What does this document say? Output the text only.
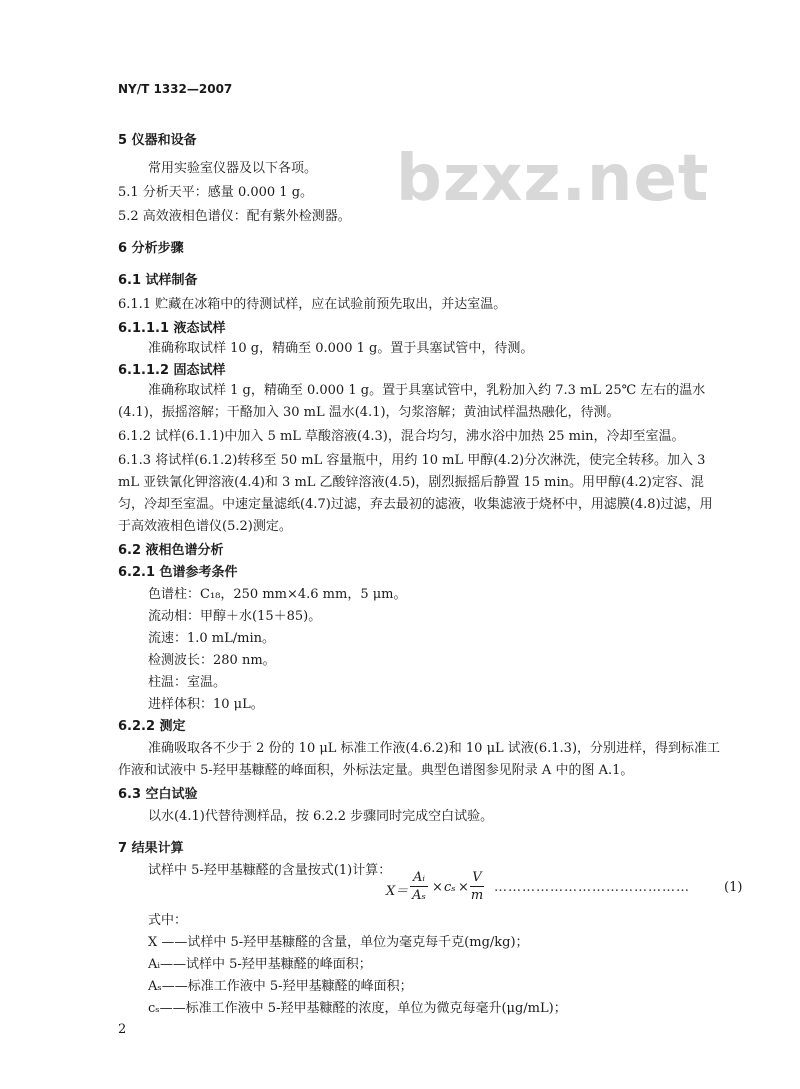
NY/T 1332—2007
bzxz.net
5 仪器和设备
常用实验室仪器及以下各项。
5.1 分析天平：感量 0.000 1 g。
5.2 高效液相色谱仪：配有紫外检测器。
6 分析步骤
6.1 试样制备
6.1.1 贮藏在冰箱中的待测试样，应在试验前预先取出，并达室温。
6.1.1.1 液态试样
准确称取试样 10 g，精确至 0.000 1 g。置于具塞试管中，待测。
6.1.1.2 固态试样
准确称取试样 1 g，精确至 0.000 1 g。置于具塞试管中，乳粉加入约 7.3 mL 25℃ 左右的温水
(4.1)，振摇溶解；干酪加入 30 mL 温水(4.1)，匀浆溶解；黄油试样温热融化，待测。
6.1.2 试样(6.1.1)中加入 5 mL 草酸溶液(4.3)，混合均匀，沸水浴中加热 25 min，冷却至室温。
6.1.3 将试样(6.1.2)转移至 50 mL 容量瓶中，用约 10 mL 甲醇(4.2)分次淋洗，使完全转移。加入 3
mL 亚铁氰化钾溶液(4.4)和 3 mL 乙酸锌溶液(4.5)，剧烈振摇后静置 15 min。用甲醇(4.2)定容、混
匀，冷却至室温。中速定量滤纸(4.7)过滤，弃去最初的滤液，收集滤液于烧杯中，用滤膜(4.8)过滤，用
于高效液相色谱仪(5.2)测定。
6.2 液相色谱分析
6.2.1 色谱参考条件
色谱柱：C₁₈，250 mm×4.6 mm，5 μm。
流动相：甲醇＋水(15＋85)。
流速：1.0 mL/min。
检测波长：280 nm。
柱温：室温。
进样体积：10 μL。
6.2.2 测定
准确吸取各不少于 2 份的 10 μL 标准工作液(4.6.2)和 10 μL 试液(6.1.3)，分别进样，得到标准工
作液和试液中 5-羟甲基糠醛的峰面积，外标法定量。典型色谱图参见附录 A 中的图 A.1。
6.3 空白试验
以水(4.1)代替待测样品，按 6.2.2 步骤同时完成空白试验。
7 结果计算
试样中 5-羟甲基糠醛的含量按式(1)计算：
X＝
Aᵢ
Aₛ
× cₛ ×
V
m
……………………………………	(1)
式中：
X ——试样中 5-羟甲基糠醛的含量，单位为毫克每千克(mg/kg)；
Aᵢ——试样中 5-羟甲基糠醛的峰面积；
Aₛ——标准工作液中 5-羟甲基糠醛的峰面积；
cₛ——标准工作液中 5-羟甲基糠醛的浓度，单位为微克每毫升(μg/mL)；
2
